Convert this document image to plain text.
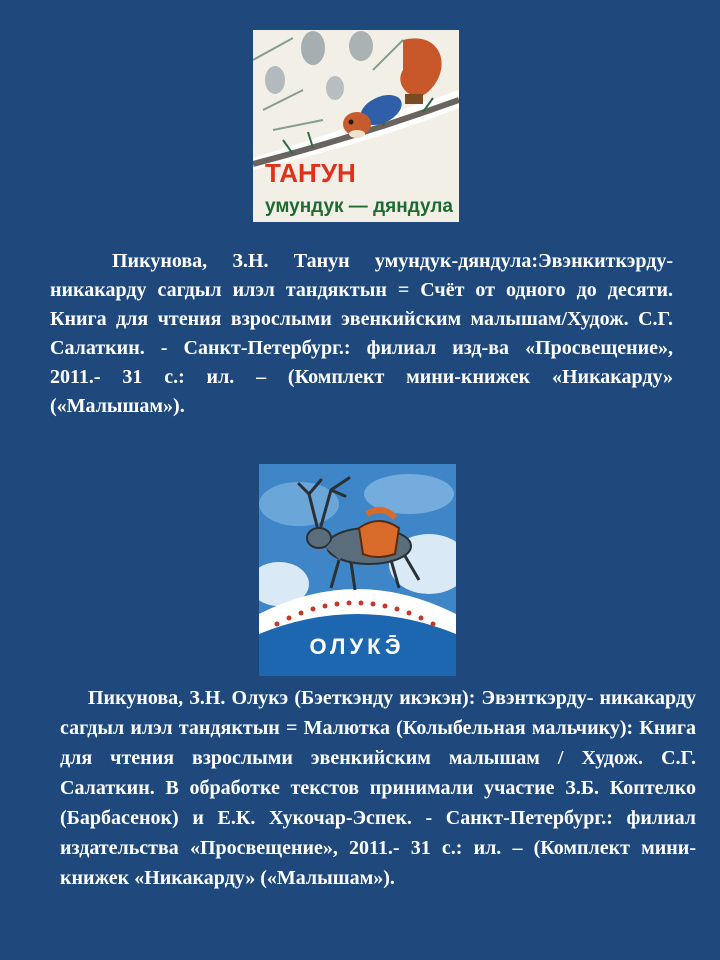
ТАҤУН
умундук — дяндула

Пикунова, З.Н. Танун умундук-дяндула:Эвэнкиткэрду- никакарду сагдыл илэл тандяктын = Счёт от одного до десяти. Книга для чтения взрослыми эвенкийским малышам/Худож. С.Г. Салаткин. - Санкт-Петербург.: филиал изд-ва «Просвещение», 2011.- 31 с.: ил. – (Комплект мини-книжек «Никакарду» («Малышам»).

ОЛУКЭ̄

Пикунова, З.Н. Олукэ (Бэеткэнду икэкэн): Эвэнткэрду- никакарду сагдыл илэл тандяктын = Малютка (Колыбельная мальчику): Книга для чтения взрослыми эвенкийским малышам / Худож. С.Г. Салаткин. В обработке текстов принимали участие З.Б. Коптелко (Барбасенок) и Е.К. Хукочар-Эспек. - Санкт-Петербург.: филиал издательства «Просвещение», 2011.- 31 с.: ил. – (Комплект мини-книжек «Никакарду» («Малышам»).
